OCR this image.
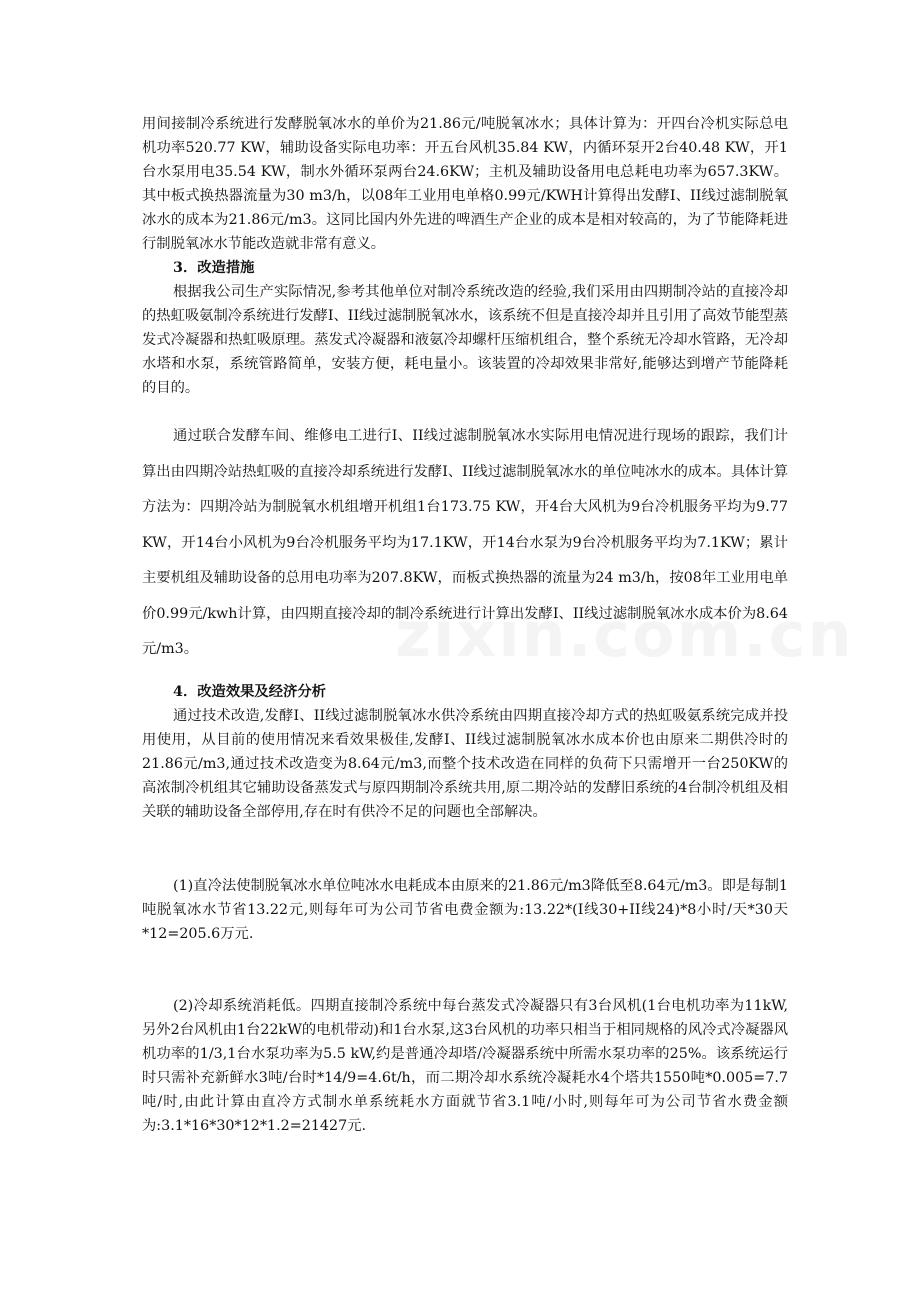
用间接制冷系统进行发酵脱氧冰水的单价为21.86元/吨脱氧冰水；具体计算为：开四台冷机实际总电机功率520.77 KW，辅助设备实际电功率：开五台风机35.84 KW，内循环泵开2台40.48 KW，开1台水泵用电35.54 KW，制水外循环泵两台24.6KW；主机及辅助设备用电总耗电功率为657.3KW。其中板式换热器流量为30 m3/h，以08年工业用电单格0.99元/KWH计算得出发酵I、II线过滤制脱氧冰水的成本为21.86元/m3。这同比国内外先进的啤酒生产企业的成本是相对较高的，为了节能降耗进行制脱氧冰水节能改造就非常有意义。

3．改造措施

根据我公司生产实际情况,参考其他单位对制冷系统改造的经验,我们采用由四期制冷站的直接冷却的热虹吸氨制冷系统进行发酵I、II线过滤制脱氧冰水，该系统不但是直接冷却并且引用了高效节能型蒸发式冷凝器和热虹吸原理。蒸发式冷凝器和液氨冷却螺杆压缩机组合，整个系统无冷却水管路，无冷却水塔和水泵，系统管路简单，安装方便，耗电量小。该装置的冷却效果非常好,能够达到增产节能降耗的目的。

通过联合发酵车间、维修电工进行I、II线过滤制脱氧冰水实际用电情况进行现场的跟踪，我们计算出由四期冷站热虹吸的直接冷却系统进行发酵I、II线过滤制脱氧冰水的单位吨冰水的成本。具体计算方法为：四期冷站为制脱氧水机组增开机组1台173.75 KW，开4台大风机为9台冷机服务平均为9.77 KW，开14台小风机为9台冷机服务平均为17.1KW，开14台水泵为9台冷机服务平均为7.1KW；累计主要机组及辅助设备的总用电功率为207.8KW，而板式换热器的流量为24 m3/h，按08年工业用电单价0.99元/kwh计算，由四期直接冷却的制冷系统进行计算出发酵I、II线过滤制脱氧冰水成本价为8.64元/m3。

4．改造效果及经济分析

通过技术改造,发酵I、II线过滤制脱氧冰水供冷系统由四期直接冷却方式的热虹吸氨系统完成并投用使用，从目前的使用情况来看效果极佳,发酵I、II线过滤制脱氧冰水成本价也由原来二期供冷时的21.86元/m3,通过技术改造变为8.64元/m3,而整个技术改造在同样的负荷下只需增开一台250KW的高浓制冷机组其它辅助设备蒸发式与原四期制冷系统共用,原二期冷站的发酵旧系统的4台制冷机组及相关联的辅助设备全部停用,存在时有供冷不足的问题也全部解决。

(1)直冷法使制脱氧冰水单位吨冰水电耗成本由原来的21.86元/m3降低至8.64元/m3。即是每制1吨脱氧冰水节省13.22元,则每年可为公司节省电费金额为:13.22*(I线30+II线24)*8小时/天*30天*12=205.6万元.

(2)冷却系统消耗低。四期直接制冷系统中每台蒸发式冷凝器只有3台风机(1台电机功率为11kW,另外2台风机由1台22kW的电机带动)和1台水泵,这3台风机的功率只相当于相同规格的风冷式冷凝器风机功率的1/3,1台水泵功率为5.5 kW,约是普通冷却塔/冷凝器系统中所需水泵功率的25%。该系统运行时只需补充新鲜水3吨/台时*14/9=4.6t/h，而二期冷却水系统冷凝耗水4个塔共1550吨*0.005=7.7吨/时,由此计算由直冷方式制水单系统耗水方面就节省3.1吨/小时,则每年可为公司节省水费金额为:3.1*16*30*12*1.2=21427元.
